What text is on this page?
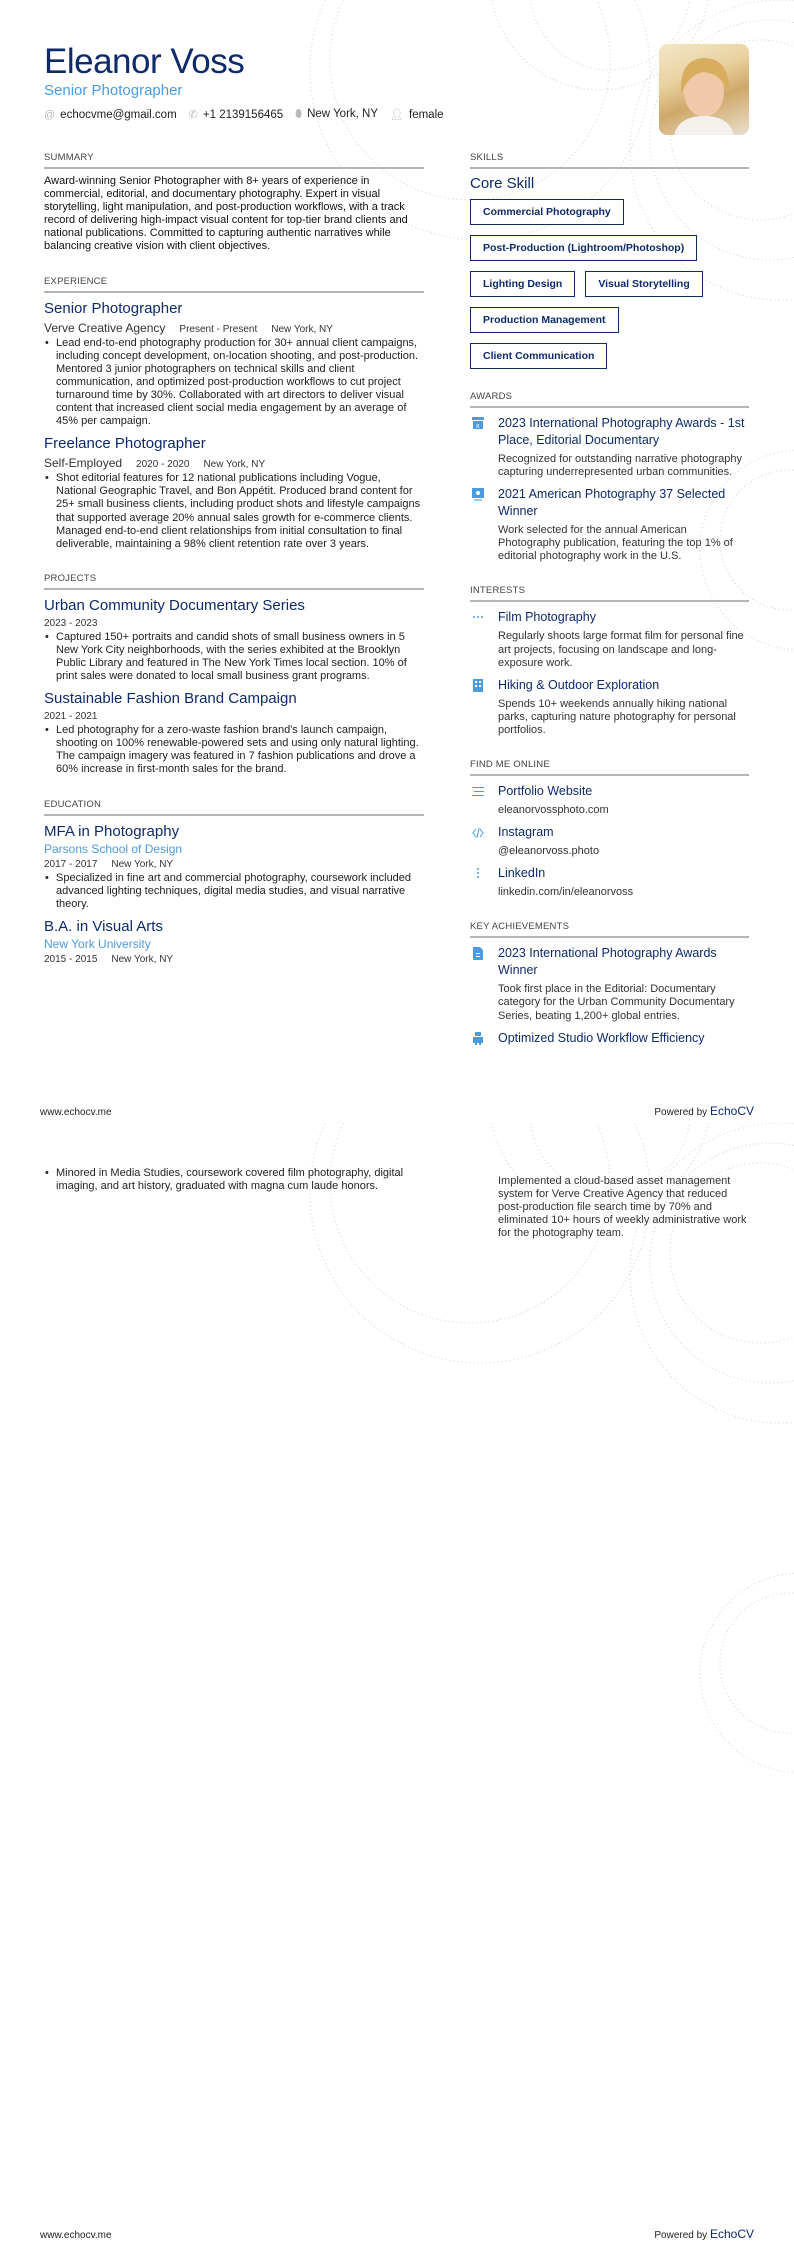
Eleanor Voss
Senior Photographer
@ echocvme@gmail.com ✆ +1 2139156465 ⬮ New York, NY 👤︎ female
SUMMARY

Award-winning Senior Photographer with 8+ years of experience in commercial, editorial, and documentary photography. Expert in visual storytelling, light manipulation, and post-production workflows, with a track record of delivering high-impact visual content for top-tier brand clients and national publications. Committed to capturing authentic narratives while balancing creative vision with client objectives.

EXPERIENCE
Senior Photographer
Verve Creative Agency Present - Present New York, NY
• Lead end-to-end photography production for 30+ annual client campaigns, including concept development, on-location shooting, and post-production. Mentored 3 junior photographers on technical skills and client communication, and optimized post-production workflows to cut project turnaround time by 30%. Collaborated with art directors to deliver visual content that increased client social media engagement by an average of 45% per campaign.
Freelance Photographer
Self-Employed 2020 - 2020 New York, NY
• Shot editorial features for 12 national publications including Vogue, National Geographic Travel, and Bon Appétit. Produced brand content for 25+ small business clients, including product shots and lifestyle campaigns that supported average 20% annual sales growth for e-commerce clients. Managed end-to-end client relationships from initial consultation to final deliverable, maintaining a 98% client retention rate over 3 years.
PROJECTS
Urban Community Documentary Series
2023 - 2023
• Captured 150+ portraits and candid shots of small business owners in 5 New York City neighborhoods, with the series exhibited at the Brooklyn Public Library and featured in The New York Times local section. 10% of print sales were donated to local small business grant programs.
Sustainable Fashion Brand Campaign
2021 - 2021
• Led photography for a zero-waste fashion brand's launch campaign, shooting on 100% renewable-powered sets and using only natural lighting. The campaign imagery was featured in 7 fashion publications and drove a 60% increase in first-month sales for the brand.
EDUCATION
MFA in Photography
Parsons School of Design
2017 - 2017 New York, NY
• Specialized in fine art and commercial photography, coursework included advanced lighting techniques, digital media studies, and visual narrative theory.
B.A. in Visual Arts
New York University
2015 - 2015 New York, NY
SKILLS
Core Skill
Commercial Photography
Post-Production (Lightroom/Photoshop)
Lighting Design	Visual Storytelling
Production Management
Client Communication
AWARDS
x 2023 International Photography Awards - 1st Place, Editorial Documentary
Recognized for outstanding narrative photography capturing underrepresented urban communities.
2021 American Photography 37 Selected Winner
Work selected for the annual American Photography publication, featuring the top 1% of editorial photography work in the U.S.
INTERESTS
Film Photography
Regularly shoots large format film for personal fine art projects, focusing on landscape and long-exposure work.
Hiking & Outdoor Exploration
Spends 10+ weekends annually hiking national parks, capturing nature photography for personal portfolios.
FIND ME ONLINE
Portfolio Website
eleanorvossphoto.com
Instagram
@eleanorvoss.photo
LinkedIn
linkedin.com/in/eleanorvoss
KEY ACHIEVEMENTS
2023 International Photography Awards Winner
Took first place in the Editorial: Documentary category for the Urban Community Documentary Series, beating 1,200+ global entries.
Optimized Studio Workflow Efficiency
www.echocv.me	Powered by EchoCV
• Minored in Media Studies, coursework covered film photography, digital imaging, and art history, graduated with magna cum laude honors.	Implemented a cloud-based asset management system for Verve Creative Agency that reduced post-production file search time by 70% and eliminated 10+ hours of weekly administrative work for the photography team.
www.echocv.me	Powered by EchoCV
